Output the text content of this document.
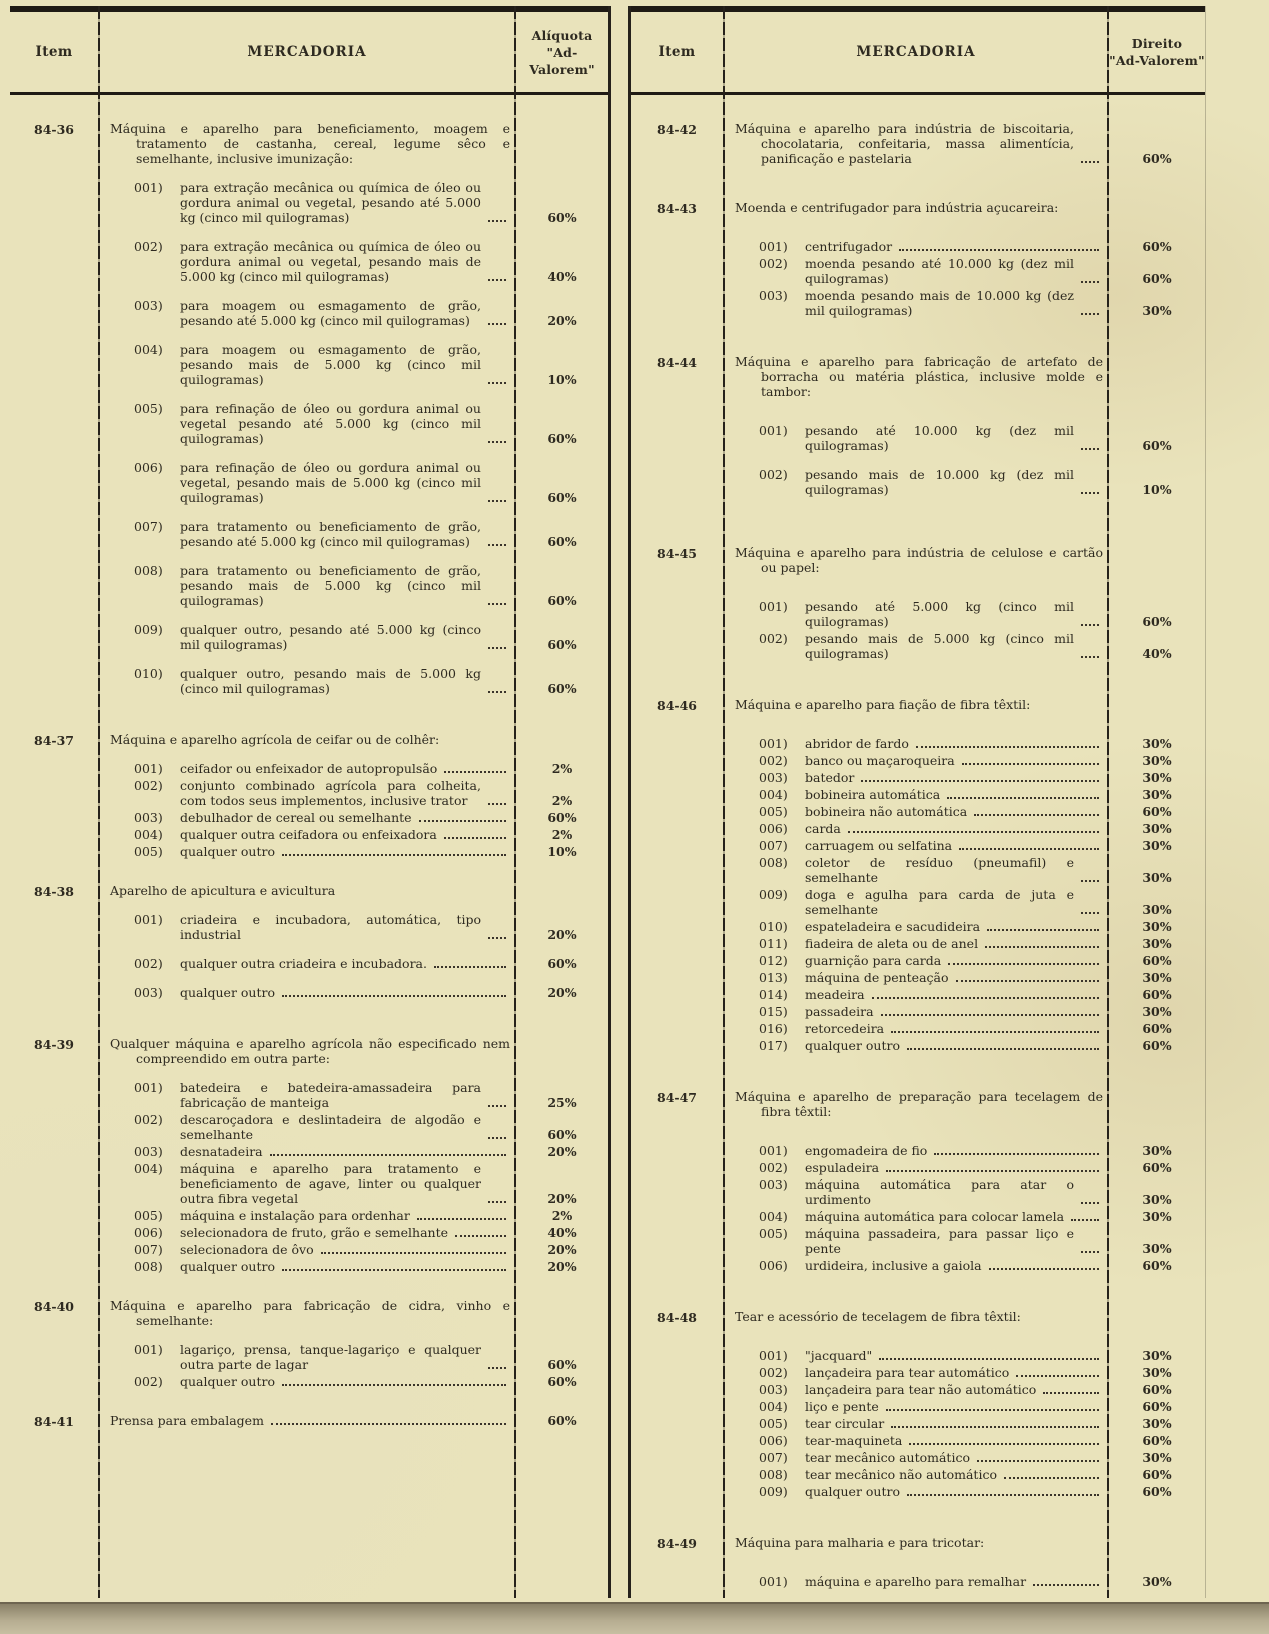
Item	MERCADORIA
Alíquota
"Ad-Valorem"
84-36	Máquina e aparelho para beneficiamento, moagem e tratamento de castanha, cereal, legume sêco e semelhante, inclusive imunização:

001)	para extração mecânica ou química de óleo ou gordura animal ou vegetal, pesando até 5.000 kg (cinco mil quilogramas)	60%
002)	para extração mecânica ou química de óleo ou gordura animal ou vegetal, pesando mais de 5.000 kg (cinco mil quilogramas)	40%
003)	para moagem ou esmagamento de grão, pesando até 5.000 kg (cinco mil quilogramas)	20%
004)	para moagem ou esmagamento de grão, pesando mais de 5.000 kg (cinco mil quilogramas)	10%
005)	para refinação de óleo ou gordura animal ou vegetal pesando até 5.000 kg (cinco mil quilogramas)	60%
006)	para refinação de óleo ou gordura animal ou vegetal, pesando mais de 5.000 kg (cinco mil quilogramas)	60%
007)	para tratamento ou beneficiamento de grão, pesando até 5.000 kg (cinco mil quilogramas)	60%
008)	para tratamento ou beneficiamento de grão, pesando mais de 5.000 kg (cinco mil quilogramas)	60%
009)	qualquer outro, pesando até 5.000 kg (cinco mil quilogramas)	60%
010)	qualquer outro, pesando mais de 5.000 kg (cinco mil quilogramas)	60%
84-37	Máquina e aparelho agrícola de ceifar ou de colhêr:

001)	ceifador ou enfeixador de autopropulsão	2%
002)	conjunto combinado agrícola para colheita, com todos seus implementos, inclusive trator	2%
003)	debulhador de cereal ou semelhante	60%
004)	qualquer outra ceifadora ou enfeixadora	2%
005)	qualquer outro	10%
84-38	Aparelho de apicultura e avicultura

001)	criadeira e incubadora, automática, tipo industrial	20%
002)	qualquer outra criadeira e incubadora.	60%
003)	qualquer outro	20%
84-39	Qualquer máquina e aparelho agrícola não especificado nem compreendido em outra parte:

001)	batedeira e batedeira-amassadeira para fabricação de manteiga	25%
002)	descaroçadora e deslintadeira de algodão e semelhante	60%
003)	desnatadeira	20%
004)	máquina e aparelho para tratamento e beneficiamento de agave, linter ou qualquer outra fibra vegetal	20%
005)	máquina e instalação para ordenhar	2%
006)	selecionadora de fruto, grão e semelhante	40%
007)	selecionadora de ôvo	20%
008)	qualquer outro	20%
84-40	Máquina e aparelho para fabricação de cidra, vinho e semelhante:

001)	lagariço, prensa, tanque-lagariço e qualquer outra parte de lagar	60%
002)	qualquer outro	60%
84-41	Prensa para embalagem	60%
Item	MERCADORIA
Direito
"Ad-Valorem"
84-42	Máquina e aparelho para indústria de biscoitaria, chocolataria, confeitaria, massa alimentícia, panificação e pastelaria	60%
84-43	Moenda e centrifugador para indústria açucareira:

001)	centrifugador	60%
002)	moenda pesando até 10.000 kg (dez mil quilogramas)	60%
003)	moenda pesando mais de 10.000 kg (dez mil quilogramas)	30%
84-44	Máquina e aparelho para fabricação de artefato de borracha ou matéria plástica, inclusive molde e tambor:

001)	pesando até 10.000 kg (dez mil quilogramas)	60%
002)	pesando mais de 10.000 kg (dez mil quilogramas)	10%
84-45	Máquina e aparelho para indústria de celulose e cartão ou papel:

001)	pesando até 5.000 kg (cinco mil quilogramas)	60%
002)	pesando mais de 5.000 kg (cinco mil quilogramas)	40%
84-46	Máquina e aparelho para fiação de fibra têxtil:

001)	abridor de fardo	30%
002)	banco ou maçaroqueira	30%
003)	batedor	30%
004)	bobineira automática	30%
005)	bobineira não automática	60%
006)	carda	30%
007)	carruagem ou selfatina	30%
008)	coletor de resíduo (pneumafil) e semelhante	30%
009)	doga e agulha para carda de juta e semelhante	30%
010)	espateladeira e sacudideira	30%
011)	fiadeira de aleta ou de anel	30%
012)	guarnição para carda	60%
013)	máquina de penteação	30%
014)	meadeira	60%
015)	passadeira	30%
016)	retorcedeira	60%
017)	qualquer outro	60%
84-47	Máquina e aparelho de preparação para tecelagem de fibra têxtil:

001)	engomadeira de fio	30%
002)	espuladeira	60%
003)	máquina automática para atar o urdimento	30%
004)	máquina automática para colocar lamela	30%
005)	máquina passadeira, para passar liço e pente	30%
006)	urdideira, inclusive a gaiola	60%
84-48	Tear e acessório de tecelagem de fibra têxtil:

001)	"jacquard"	30%
002)	lançadeira para tear automático	30%
003)	lançadeira para tear não automático	60%
004)	liço e pente	60%
005)	tear circular	30%
006)	tear-maquineta	60%
007)	tear mecânico automático	30%
008)	tear mecânico não automático	60%
009)	qualquer outro	60%
84-49	Máquina para malharia e para tricotar:

001)	máquina e aparelho para remalhar	30%
